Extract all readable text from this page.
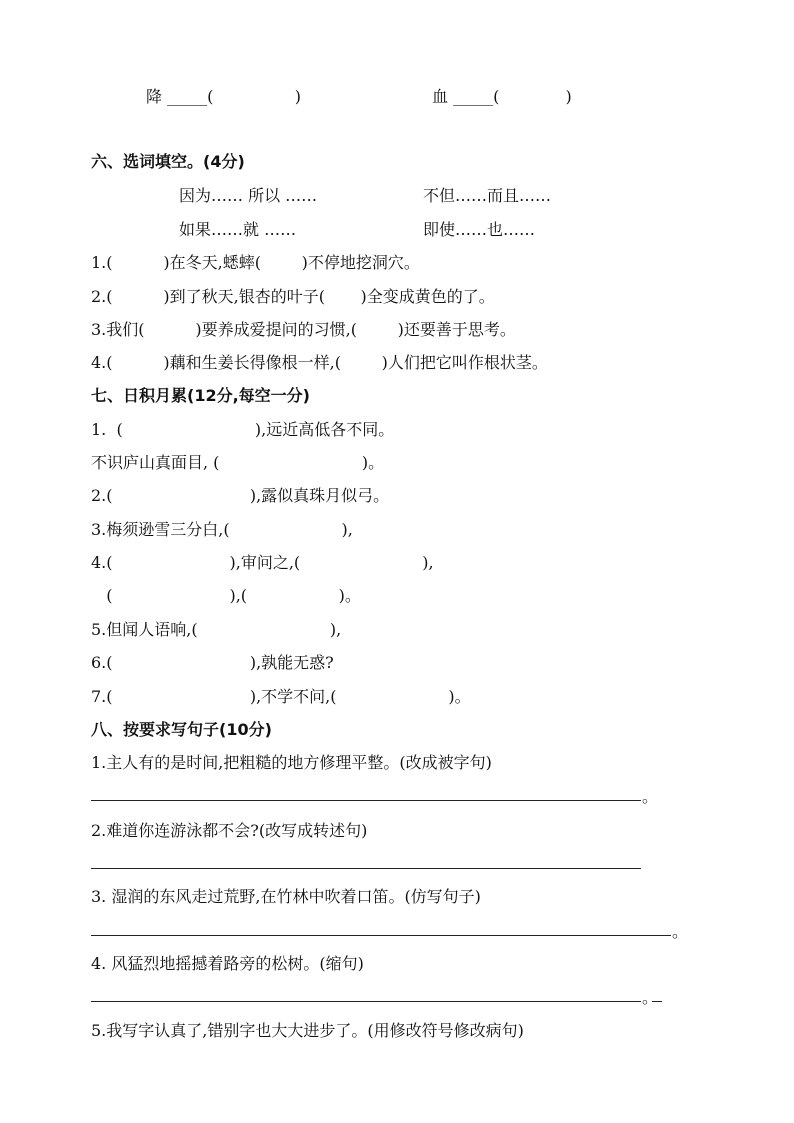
降 _____(                )	血 _____(             )
六、选词填空。(4分)
因为…… 所以 ……	不但……而且……
如果……就 ……	即使……也……
1.(          )在冬天,蟋蟀(        )不停地挖洞穴。
2.(          )到了秋天,银杏的叶子(       )全变成黄色的了。
3.我们(          )要养成爱提问的习惯,(        )还要善于思考。
4.(          )藕和生姜长得像根一样,(        )人们把它叫作根状茎。
七、日积月累(12分,每空一分)
1.  (                          ),远近高低各不同。
不识庐山真面目, (                            )。
2.(                           ),露似真珠月似弓。
3.梅须逊雪三分白,(                      ),
4.(                       ),审问之,(                        ),
(                       ),(                  )。
5.但闻人语响,(                          ),
6.(                           ),孰能无惑?
7.(                           ),不学不问,(                      )。
八、按要求写句子(10分)
1.主人有的是时间,把粗糙的地方修理平整。(改成被字句)
。
2.难道你连游泳都不会?(改写成转述句)
3. 湿润的东风走过荒野,在竹林中吹着口笛。(仿写句子)
。
4. 风猛烈地摇撼着路旁的松树。(缩句)
。
5.我写字认真了,错别字也大大进步了。(用修改符号修改病句)
